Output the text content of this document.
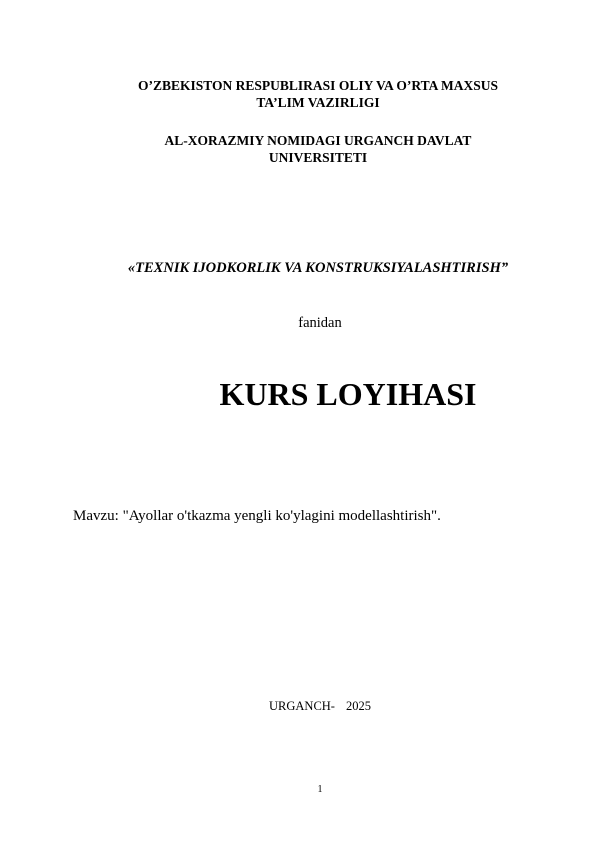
O’ZBEKISTON RESPUBLIRASI OLIY VA O’RTA MAXSUS
TA’LIM VAZIRLIGI
AL-XORAZMIY NOMIDAGI URGANCH DAVLAT
UNIVERSITETI
«TEXNIK IJODKORLIK VA KONSTRUKSIYALASHTIRISH”
fanidan
KURS LOYIHASI
Mavzu: "Ayollar o'tkazma yengli ko'ylagini modellashtirish".
URGANCH- 2025
1
